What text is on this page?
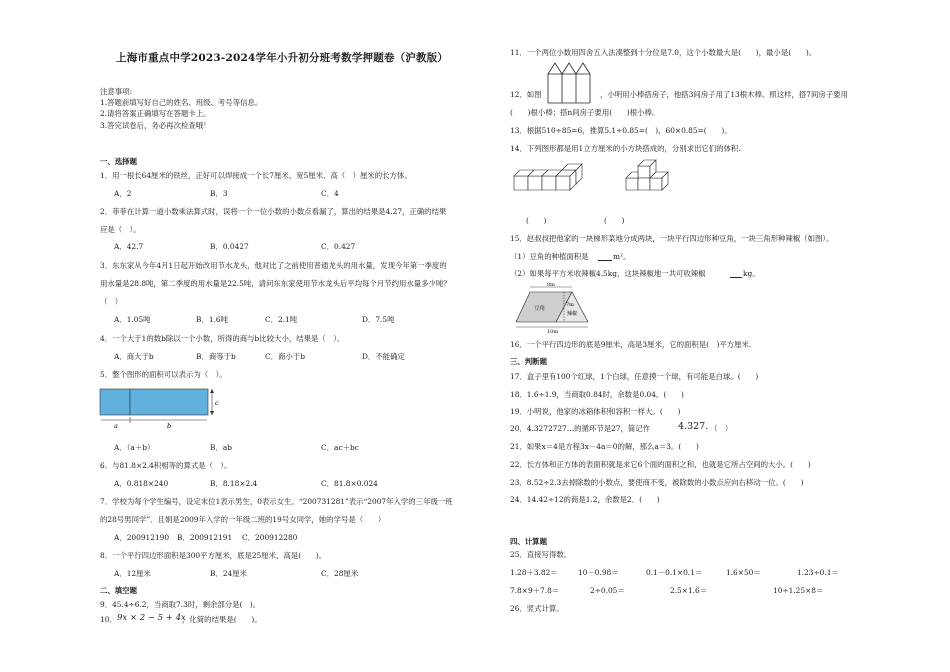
上海市重点中学2023-2024学年小升初分班考数学押题卷（沪教版）
注意事项:
1.答题前填写好自己的姓名、班级、考号等信息。
2.请将答案正确填写在答题卡上。
3.答完试卷后，务必再次检查哦！
一、选择题
1．用一根长64厘米的铁丝，正好可以焊接成一个长7厘米、宽5厘米、高（　）厘米的长方体。
A．2	B．3	C．4
2．菲菲在计算一道小数乘法算式时，误将一个一位小数的小数点看漏了，算出的结果是4.27，正确的结果
应是（　）。
A．42.7	B．0.0427	C．0.427
3．东东家从今年4月1日起开始改用节水龙头，他对比了之前使用普通龙头的用水量，发现今年第一季度的
用水量是28.8吨，第二季度的用水量是22.5吨，请问东东家使用节水龙头后平均每个月节约用水量多少吨？
（　）
A．1.05吨	B．1.6吨	C．2.1吨	D．7.5吨
4．一个大于1的数b除以一个小数，所得的商与b比较大小，结果是（　）。
A．商大于b	B．商等于b	C．商小于b	D．不能确定
5．整个图形的面积可以表示为（　）。
a	b
c
A．（a＋b）	B．ab	C．ac＋bc
6．与81.8×2.4积相等的算式是（　）。
A．0.818×240	B．8.18×2.4	C．81.8×0.024
7．学校为每个学生编号，设定末位1表示男生，0表示女生。“200731281”表示“2007年入学的三年级一班
的28号男同学”．且娟是2009年入学的一年级二班的19号女同学，她的学号是（　　）
A．200912190 B．200912191 C．200912280
8．一个平行四边形面积是300平方厘米，底是25厘米，高是(　　)。
A．12厘米	B．24厘米	C．28厘米
二、填空题
9．45.4÷6.2，当商取7.3时，剩余部分是(　)。
10． 9x × 2 − 5 + 4x
，化简的结果是(　　)。
11．一个两位小数用四舍五入法凑整到十分位是7.0，这个小数最大是(　　)，最小是(　　)。
12．如图	，小明用小棒搭房子，他搭3间房子用了13根木棒。照这样，搭7间房子要用
(　　)根小棒；搭n间房子要用(　　)根小棒。
13．根据510÷85=6，推算5.1÷0.85=(　)，60×0.85=(　　)。
14．下列图形都是用1立方厘米的小方块搭成的，分别求出它们的体积.
(　　)	(　　)
15．赵叔叔把他家的一块梯形菜地分成两块，一块平行四边形种豆角，一块三角形种辣椒（如图）。
（1）豆角的种植面积是	m²。
（2）如果每平方米收辣椒4.5kg，这块辣椒地一共可收辣椒	kg。
8m
豆角
辣椒
7m
10m
16．一个平行四边形的底是9厘米，高是3厘米，它的面积是(　)平方厘米.
三、判断题
17．盒子里有100个红球，1个白球，任意摸一个球，有可能是白球。(　　)
18．1.6÷1.9，当商取0.84时，余数是0.04。(　　)
19．小明说，他家的冰箱体积和容积一样大。(　　)
20．4.3272727…的循环节是27，简记作	4.327. （　）
21．如果x＝4是方程3x－4a＝0的解，那么a＝3。(　　)
22．长方体和正方体的表面积就是求它6个面的面积之和，也就是它所占空间的大小。(　　)
23．8.52÷2.3去掉除数的小数点，要使商不变，被除数的小数点应向右移动一位。(　　)
24．14.42÷12的商是1.2，余数是2．(　　)
四、计算题
25．直接写得数。
1.28＋3.82＝	10－0.98＝	0.1－0.1×0.1＝	1.6×50＝	1.23÷0.1＝
7.8×9＋7.8＝	2÷0.05＝	2.5×1.6＝	10÷1.25×8＝
26．竖式计算。
